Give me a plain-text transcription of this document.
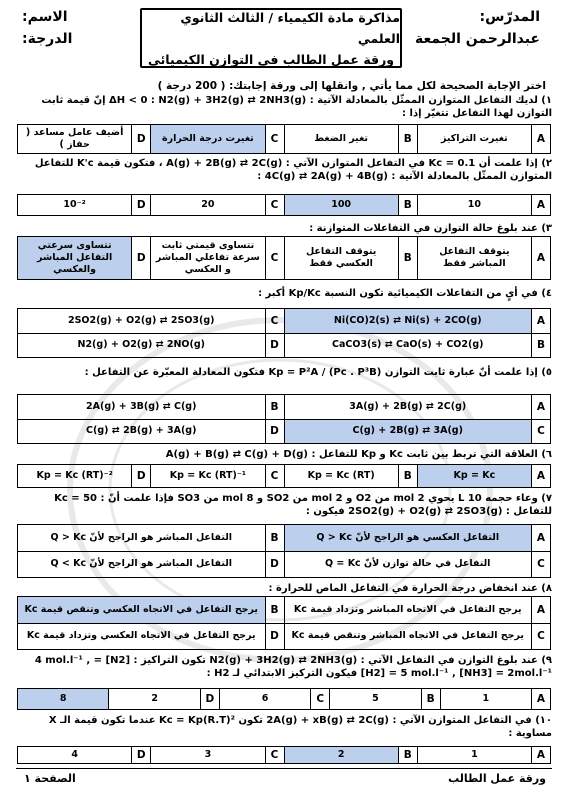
المدرّس:
عبدالرحمن الجمعة
مذاكرة مادة الكيمياء / الثالث الثانوي العلمي
ورقة عمل الطالب في التوازن الكيميائي
الاسم:
الدرجة:
اختر الإجابة الصحيحة لكل مما يأتي , وانقلها إلى ورقة إجابتك: ( 200 درجة )
١) لديك التفاعل المتوازن الممثّل بالمعادلة الآتية : ΔH < 0 : N2(g) + 3H2(g) ⇄ 2NH3(g) إنّ قيمة ثابت التوازن لهذا التفاعل تتغيّر إذا :
A	تغيرت التراكيز	B	تغير الضغط	C	تغيرت درجة الحرارة	D	أضيف عامل مساعد ( حفاز )
٢) إذا علمت أن Kc = 0.1 في التفاعل المتوازن الآتي : A(g) + 2B(g) ⇄ 2C(g) ، فتكون قيمة K'c للتفاعل المتوازن الممثّل بالمعادلة الآتية : 4C(g) ⇄ 2A(g) + 4B(g) :
A	10	B	100	C	20	D	10⁻²
٣) عند بلوغ حالة التوازن في التفاعلات المتوازنة :
A	يتوقف التفاعل المباشر فقط	B	يتوقف التفاعل العكسي فقط	C	تتساوى قيمتي ثابت سرعة تفاعلي المباشر و العكسي	D	تتساوى سرعتي التفاعل المباشر والعكسي
٤) في أيٍ من التفاعلات الكيميائية تكون النسبة Kp/Kc أكبر :
A	Ni(CO)2(s) ⇄ Ni(s) + 2CO(g)	C	2SO2(g) + O2(g) ⇄ 2SO3(g)
B	CaCO3(s) ⇄ CaO(s) + CO2(g)	D	N2(g) + O2(g) ⇄ 2NO(g)
٥) إذا علمت أنّ عبارة ثابت التوازن Kp = P²A / (Pc . P³B) فتكون المعادلة المعبّرة عن التفاعل :
A	3A(g) + 2B(g) ⇄ 2C(g)	B	2A(g) + 3B(g) ⇄ C(g)
C	C(g) + 2B(g) ⇄ 3A(g)	D	C(g) ⇄ 2B(g) + 3A(g)
٦) العلاقة التي تربط بين ثابت Kc و Kp للتفاعل : A(g) + B(g) ⇄ C(g) + D(g)
A	Kp = Kc	B	Kp = Kc (RT)	C	Kp = Kc (RT)⁻¹	D	Kp = Kc (RT)⁻²
٧) وعاء حجمه 10 L يحوي 2 mol من O2 و 2 mol من SO2 و 8 mol من SO3 فإذا علمت أنّ : Kc = 50 للتفاعل : 2SO2(g) + O2(g) ⇄ 2SO3(g) فيكون :
A	التفاعل العكسي هو الراجح لأنّ Q > Kc	B	التفاعل المباشر هو الراجح لأنّ Q > Kc
C	التفاعل في حالة توازن لأنّ Q = Kc	D	التفاعل المباشر هو الراجح لأنّ Q < Kc
٨) عند انخفاض درجة الحرارة في التفاعل الماص للحرارة :
A	يرجح التفاعل في الاتجاه المباشر وتزداد قيمة Kc	B	يرجح التفاعل في الاتجاه العكسي وتنقص قيمة Kc
C	يرجح التفاعل في الاتجاه المباشر وتنقص قيمة Kc	D	يرجح التفاعل في الاتجاه العكسي وتزداد قيمة Kc
٩) عند بلوغ التوازن في التفاعل الآتي : N2(g) + 3H2(g) ⇄ 2NH3(g) تكون التراكيز : [N2] = 4 mol.l⁻¹ , [H2] = 5 mol.l⁻¹ , [NH3] = 2mol.l⁻¹ فيكون التركيز الابتدائي لـ H2 :
A	1	B	5	C	6	D	2	8
١٠) في التفاعل المتوازن الآتي : 2A(g) + xB(g) ⇄ 2C(g) تكون Kc = Kp(R.T)² عندما تكون قيمة الـ X مساوية :
A	1	B	2	C	3	D	4
ورقة عمل الطالب
الصفحة ١
